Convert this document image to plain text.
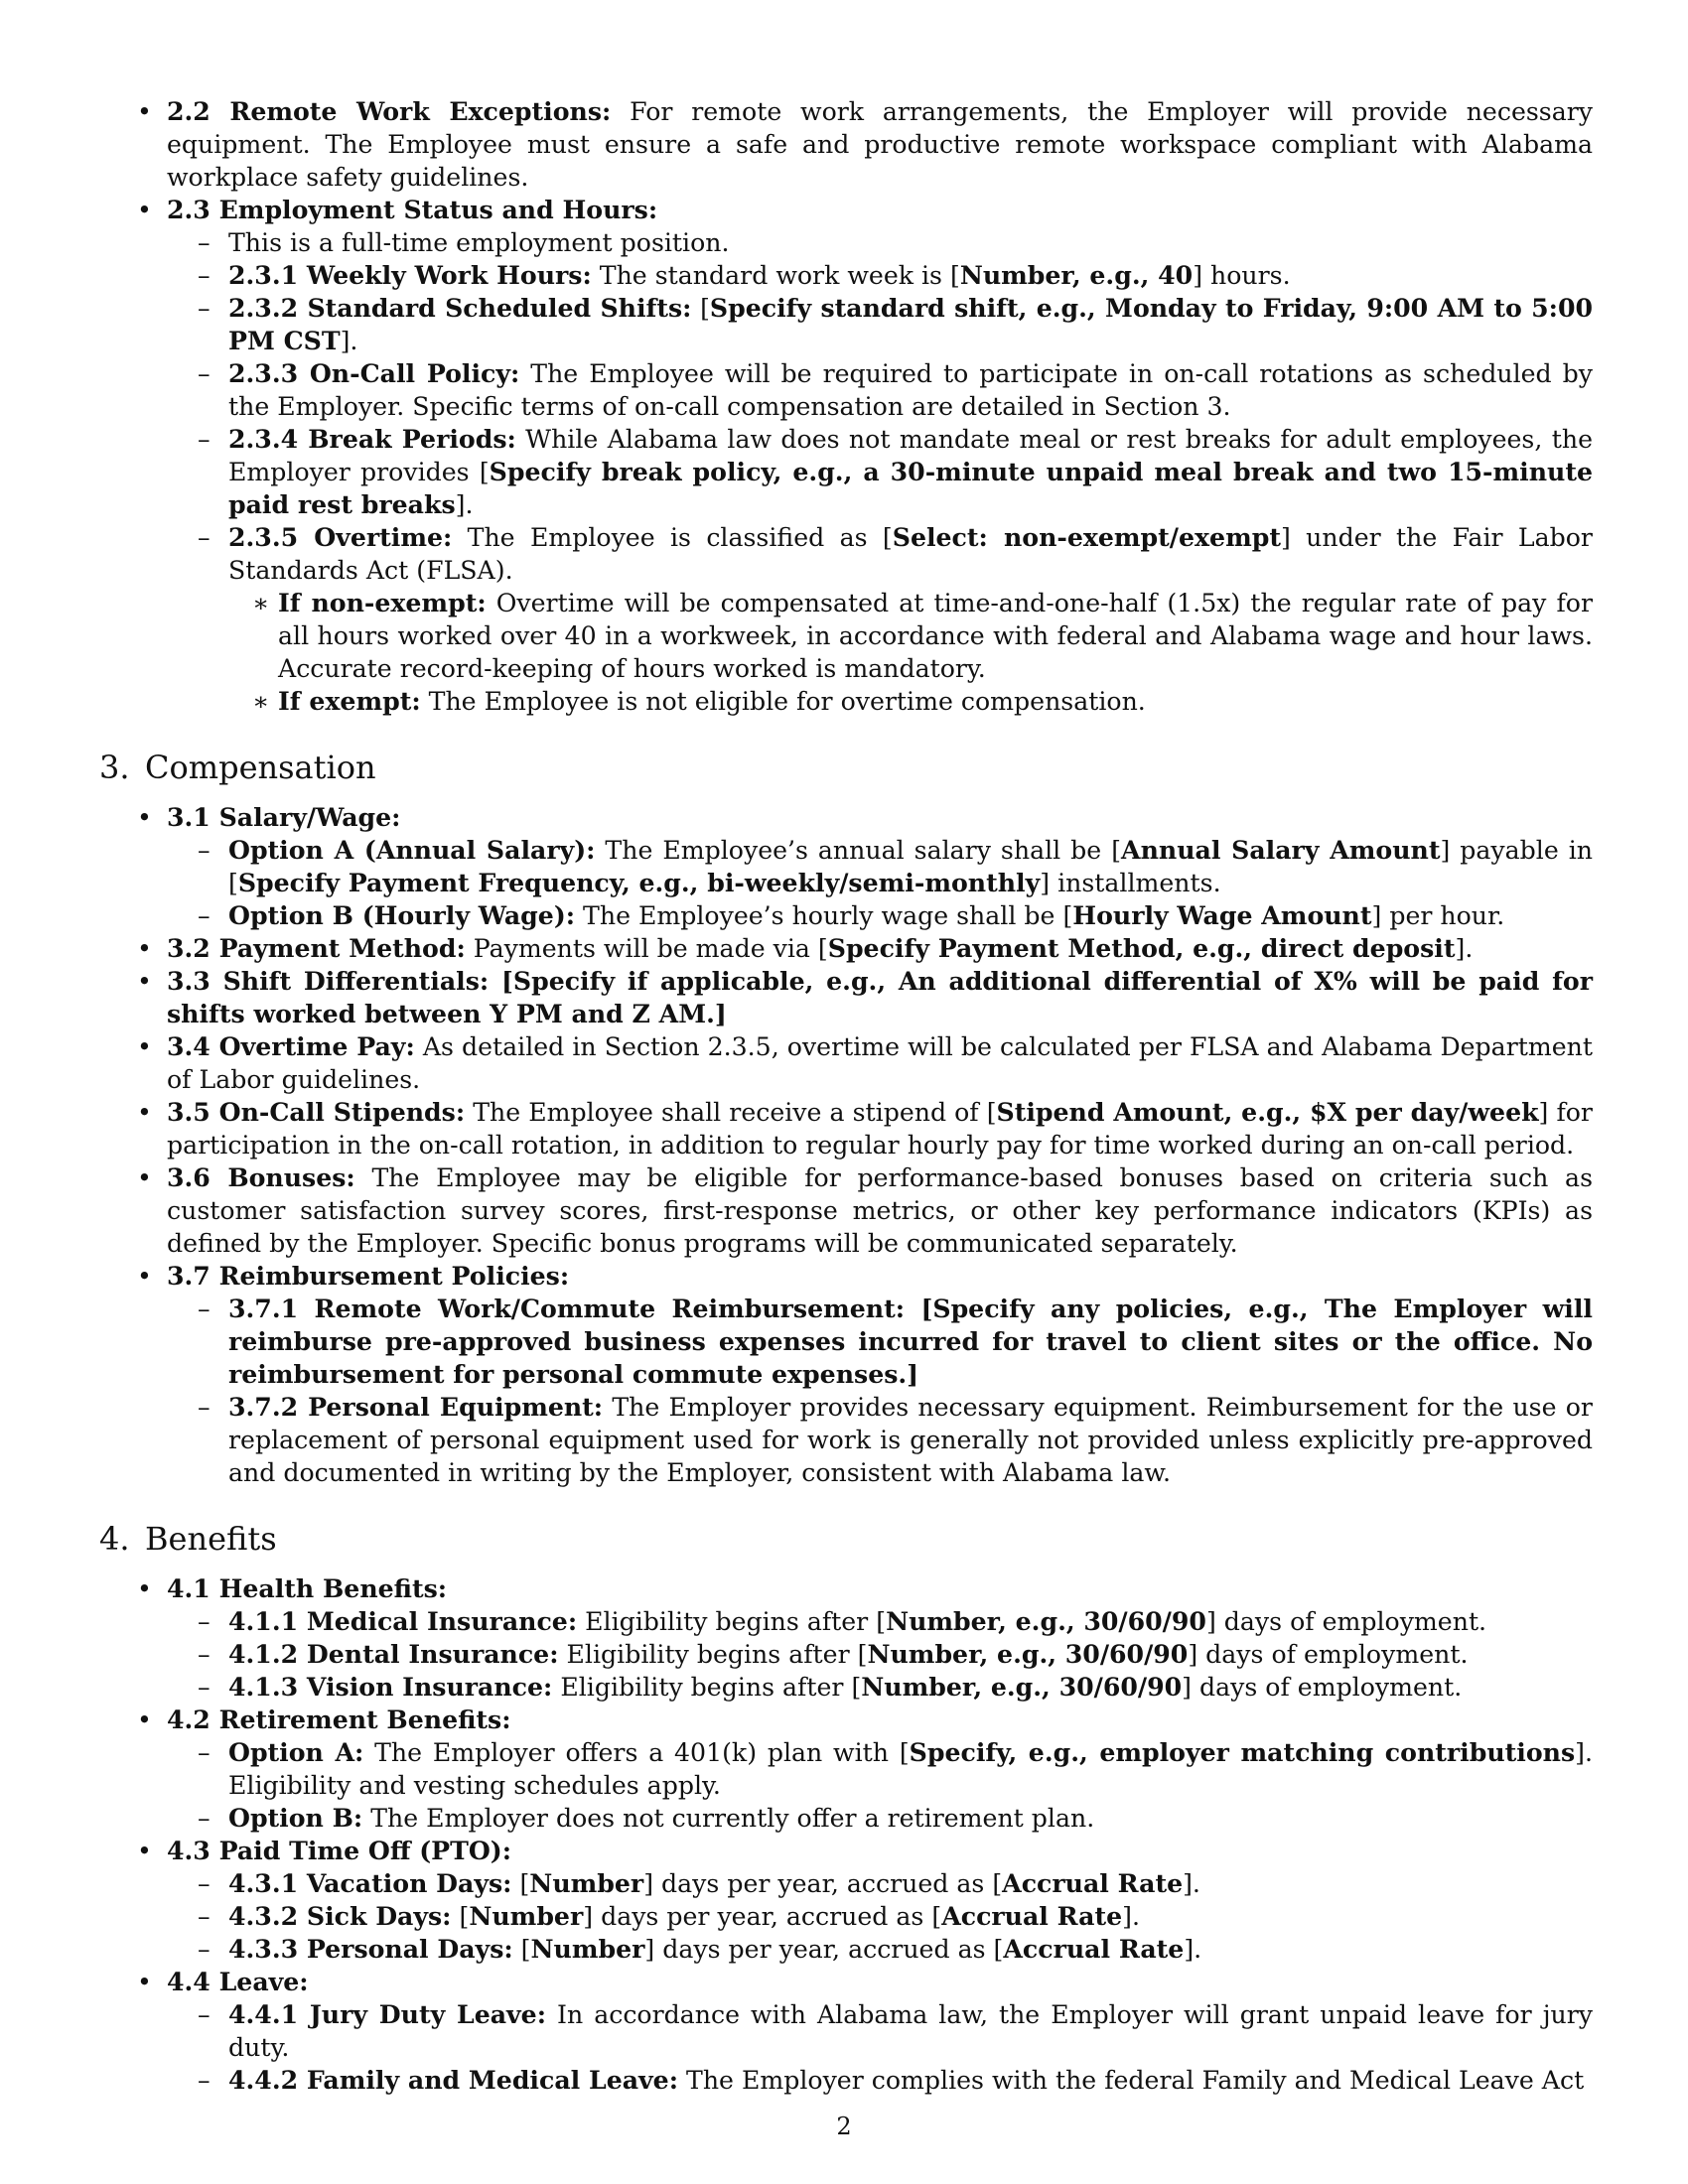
• 2.2 Remote Work Exceptions: For remote work arrangements, the Employer will provide necessary equipment. The Employee must ensure a safe and productive remote workspace compliant with Alabama workplace safety guidelines.
• 2.3 Employment Status and Hours:
– This is a full-time employment position.
– 2.3.1 Weekly Work Hours: The standard work week is [Number, e.g., 40] hours.
– 2.3.2 Standard Scheduled Shifts: [Specify standard shift, e.g., Monday to Friday, 9:00 AM to 5:00 PM CST].
– 2.3.3 On-Call Policy: The Employee will be required to participate in on-call rotations as scheduled by the Employer. Specific terms of on-call compensation are detailed in Section 3.
– 2.3.4 Break Periods: While Alabama law does not mandate meal or rest breaks for adult employees, the Employer provides [Specify break policy, e.g., a 30-minute unpaid meal break and two 15-minute paid rest breaks].
– 2.3.5 Overtime: The Employee is classified as [Select: non-exempt/exempt] under the Fair Labor Standards Act (FLSA).
∗ If non-exempt: Overtime will be compensated at time-and-one-half (1.5x) the regular rate of pay for all hours worked over 40 in a workweek, in accordance with federal and Alabama wage and hour laws. Accurate record-keeping of hours worked is mandatory.
∗ If exempt: The Employee is not eligible for overtime compensation.
3. Compensation
• 3.1 Salary/Wage:
– Option A (Annual Salary): The Employee’s annual salary shall be [Annual Salary Amount] payable in [Specify Payment Frequency, e.g., bi-weekly/semi-monthly] installments.
– Option B (Hourly Wage): The Employee’s hourly wage shall be [Hourly Wage Amount] per hour.
• 3.2 Payment Method: Payments will be made via [Specify Payment Method, e.g., direct deposit].
• 3.3 Shift Differentials: [Specify if applicable, e.g., An additional differential of X% will be paid for shifts worked between Y PM and Z AM.]
• 3.4 Overtime Pay: As detailed in Section 2.3.5, overtime will be calculated per FLSA and Alabama Department of Labor guidelines.
• 3.5 On-Call Stipends: The Employee shall receive a stipend of [Stipend Amount, e.g., $X per day/week] for participation in the on-call rotation, in addition to regular hourly pay for time worked during an on-call period.
• 3.6 Bonuses: The Employee may be eligible for performance-based bonuses based on criteria such as customer satisfaction survey scores, first-response metrics, or other key performance indicators (KPIs) as defined by the Employer. Specific bonus programs will be communicated separately.
• 3.7 Reimbursement Policies:
– 3.7.1 Remote Work/Commute Reimbursement: [Specify any policies, e.g., The Employer will reimburse pre-approved business expenses incurred for travel to client sites or the office. No reimbursement for personal commute expenses.]
– 3.7.2 Personal Equipment: The Employer provides necessary equipment. Reimbursement for the use or replacement of personal equipment used for work is generally not provided unless explicitly pre-approved and documented in writing by the Employer, consistent with Alabama law.
4. Benefits
• 4.1 Health Benefits:
– 4.1.1 Medical Insurance: Eligibility begins after [Number, e.g., 30/60/90] days of employment.
– 4.1.2 Dental Insurance: Eligibility begins after [Number, e.g., 30/60/90] days of employment.
– 4.1.3 Vision Insurance: Eligibility begins after [Number, e.g., 30/60/90] days of employment.
• 4.2 Retirement Benefits:
– Option A: The Employer offers a 401(k) plan with [Specify, e.g., employer matching contributions]. Eligibility and vesting schedules apply.
– Option B: The Employer does not currently offer a retirement plan.
• 4.3 Paid Time Off (PTO):
– 4.3.1 Vacation Days: [Number] days per year, accrued as [Accrual Rate].
– 4.3.2 Sick Days: [Number] days per year, accrued as [Accrual Rate].
– 4.3.3 Personal Days: [Number] days per year, accrued as [Accrual Rate].
• 4.4 Leave:
– 4.4.1 Jury Duty Leave: In accordance with Alabama law, the Employer will grant unpaid leave for jury duty.
– 4.4.2 Family and Medical Leave: The Employer complies with the federal Family and Medical Leave Act
2
